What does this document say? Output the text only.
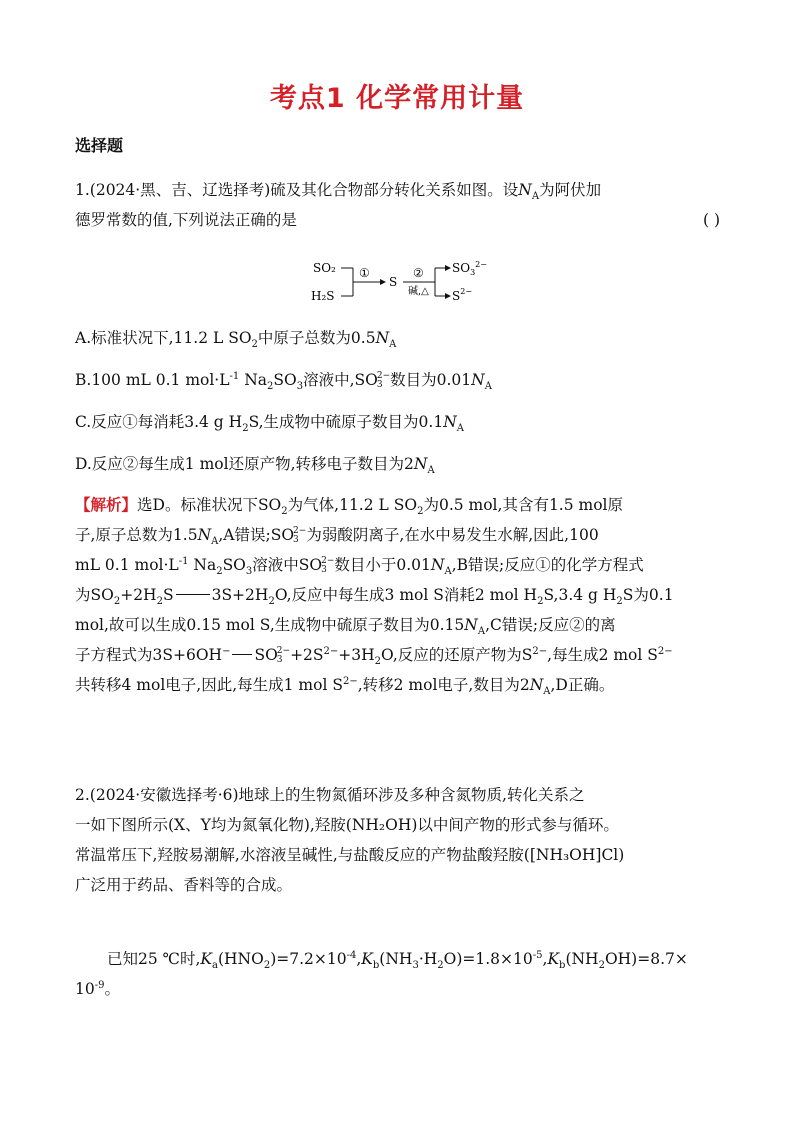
考点1 化学常用计量
选择题
1.(2024·黑、吉、辽选择考)硫及其化合物部分转化关系如图。设$N_A$为阿伏加
德罗常数的值,下列说法正确的是	( )
SO₂
H₂S
①
S
②
碱,△
$SO_3^{2-}$
$S^{2-}$
A.标准状况下,11.2 L $SO_2$中原子总数为$0.5N_A$
B.100 mL 0.1 $mol\cdot L^{-1}$ $Na_2SO_3$溶液中,SO 2−
3 数目为$0.01N_A$
C.反应①每消耗3.4 g $H_2S$,生成物中硫原子数目为$0.1N_A$
D.反应②每生成1 mol还原产物,转移电子数目为$2N_A$
【解析】选D。标准状况下$SO_2$为气体,11.2 L $SO_2$为0.5 mol,其含有1.5 mol原
子,原子总数为$1.5N_A,A$错误;SO 2−
3 为弱酸阴离子,在水中易发生水解,因此,100
mL 0.1 $mol\cdot L^{-1}$ $Na_2SO_3$溶液中SO 2−
3 数目小于$0.01N_A,B$错误;反应①的化学方程式
为$SO_2+2H_2S$ $3S+2H_2O$,反应中每生成3 mol S消耗2 mol $H_2S,3.4$ g $H_2S$为0.1
mol,故可以生成0.15 mol S,生成物中硫原子数目为$0.15N_A,C$错误;反应②的离
子方程式为3S+6OH− SO 2−
$3 +2S^{2-}+3H_2O$,反应的还原产物为$S^{2-}$,每生成2 mol $S^{2-}$
共转移4 mol电子,因此,每生成1 mol $S^{2-}$,转移2 mol电子,数目为$2N_A,D$正确。
2.(2024·安徽选择考·6)地球上的生物氮循环涉及多种含氮物质,转化关系之
一如下图所示(X、Y均为氮氧化物),羟胺(NH₂OH)以中间产物的形式参与循环。
常温常压下,羟胺易潮解,水溶液呈碱性,与盐酸反应的产物盐酸羟胺([NH₃OH]Cl)
广泛用于药品、香料等的合成。
已知25 ℃时$,K_a(HNO_2)=7.2\times 10^{-4},K_b(NH_3\cdot H_2O)=1.8\times 10^{-5},K_b(NH_2OH)=8.7\times$
$10^{-9}$。
